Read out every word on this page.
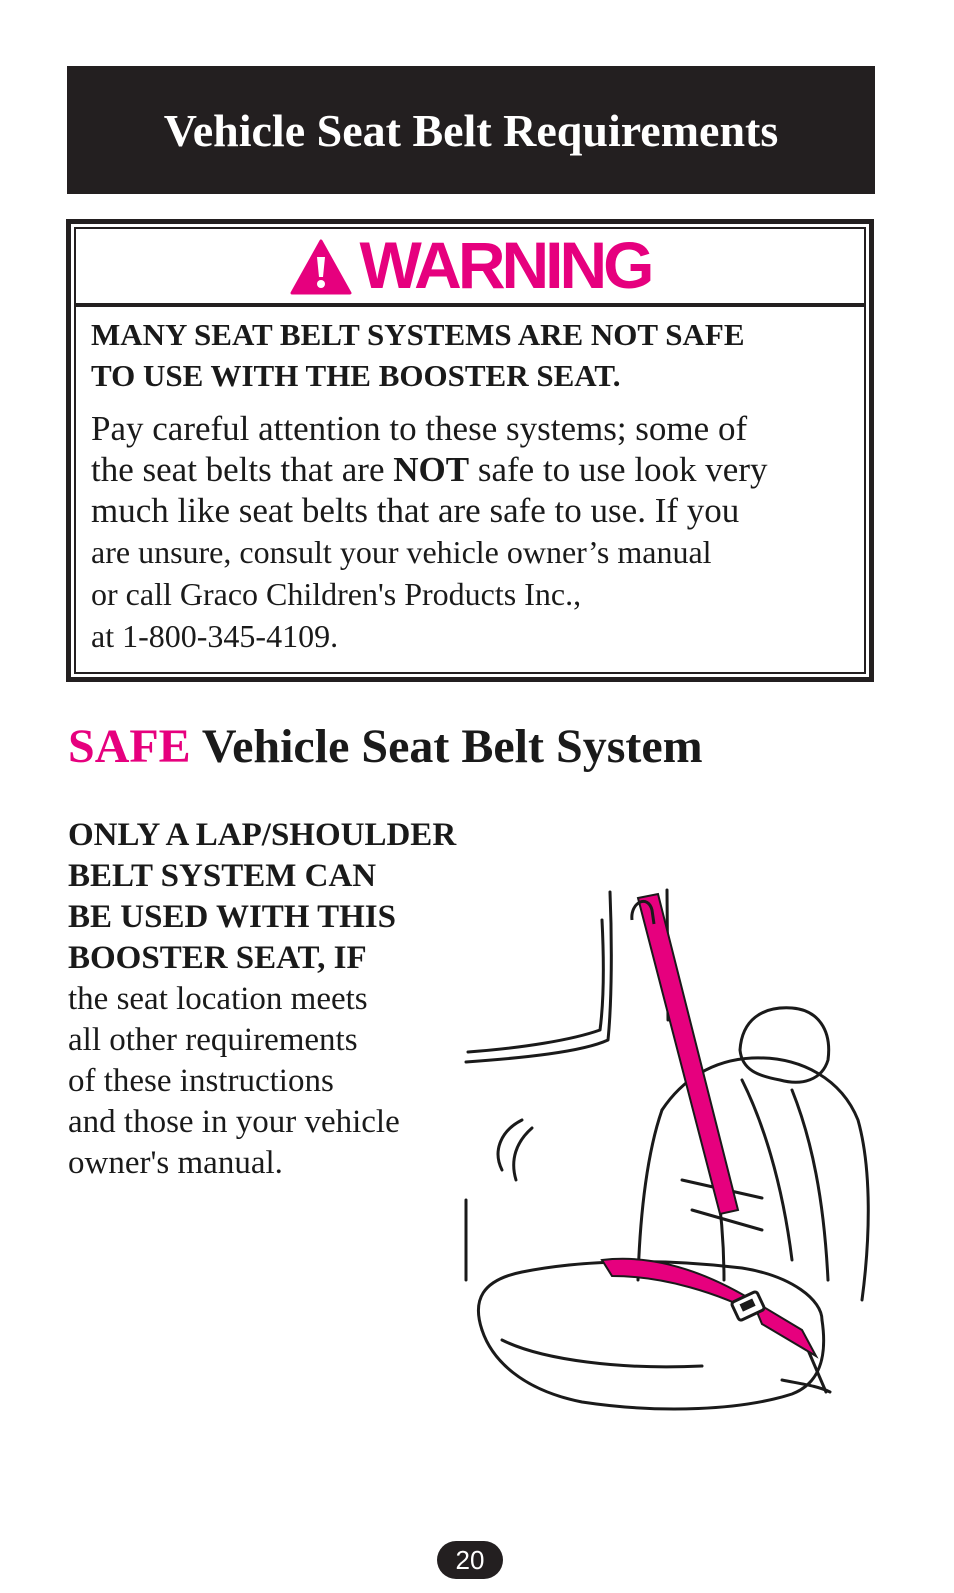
Vehicle Seat Belt Requirements
WARNING

MANY SEAT BELT SYSTEMS ARE NOT SAFE
TO USE WITH THE BOOSTER SEAT.

Pay careful attention to these systems; some of
the seat belts that are NOT safe to use look very
much like seat belts that are safe to use. If you
are unsure, consult your vehicle owner’s manual
or call Graco Children's Products Inc.,
at 1-800-345-4109.

SAFE Vehicle Seat Belt System

ONLY A LAP/SHOULDER
BELT SYSTEM CAN
BE USED WITH THIS
BOOSTER SEAT, IF

the seat location meets
all other requirements
of these instructions
and those in your vehicle
owner's manual.

20
